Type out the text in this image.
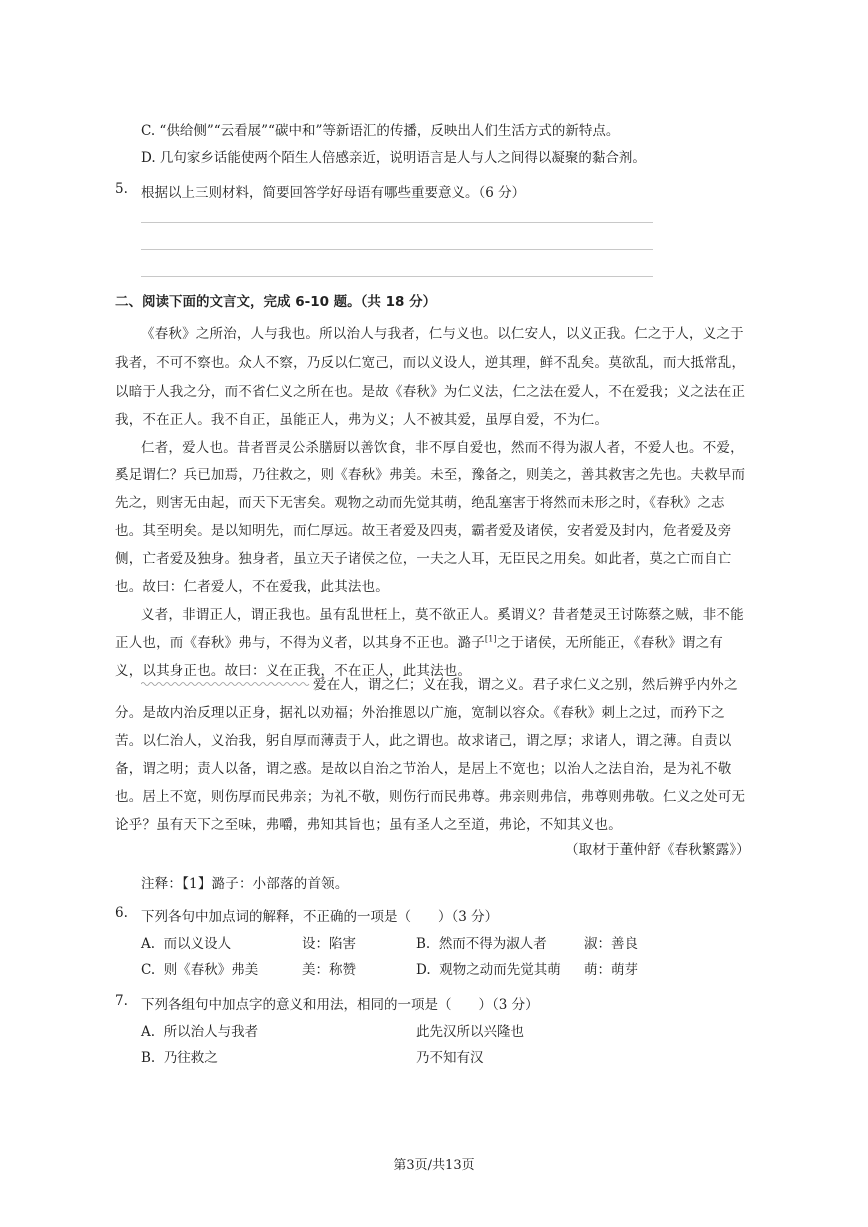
C. “供给侧”“云看展”“碳中和”等新语汇的传播，反映出人们生活方式的新特点。
D. 几句家乡话能使两个陌生人倍感亲近，说明语言是人与人之间得以凝聚的黏合剂。
5. 根据以上三则材料，简要回答学好母语有哪些重要意义。（6 分）
二、阅读下面的文言文，完成 6-10 题。（共 18 分）
《春秋》之所治，人与我也。所以治人与我者，仁与义也。以仁安人，以义正我。仁之于人，义之于
我者，不可不察也。众人不察，乃反以仁宽己，而以义设人，逆其理，鲜不乱矣。莫欲乱，而大抵常乱，
以暗于人我之分，而不省仁义之所在也。是故《春秋》为仁义法，仁之法在爱人，不在爱我；义之法在正
我，不在正人。我不自正，虽能正人，弗为义；人不被其爱，虽厚自爱，不为仁。
仁者，爱人也。昔者晋灵公杀膳厨以善饮食，非不厚自爱也，然而不得为淑人者，不爱人也。不爱，
奚足谓仁？兵已加焉，乃往救之，则《春秋》弗美。未至，豫备之，则美之，善其救害之先也。夫救早而
先之，则害无由起，而天下无害矣。观物之动而先觉其萌，绝乱塞害于将然而未形之时，《春秋》之志
也。其至明矣。是以知明先，而仁厚远。故王者爱及四夷，霸者爱及诸侯，安者爱及封内，危者爱及旁
侧，亡者爱及独身。独身者，虽立天子诸侯之位，一夫之人耳，无臣民之用矣。如此者，莫之亡而自亡
也。故曰：仁者爱人，不在爱我，此其法也。
义者，非谓正人，谓正我也。虽有乱世枉上，莫不欲正人。奚谓义？昔者楚灵王讨陈蔡之贼，非不能
正人也，而《春秋》弗与，不得为义者，以其身不正也。潞子[1]之于诸侯，无所能正，《春秋》谓之有
义，以其身正也。故曰：义在正我，不在正人，此其法也。
爱在人，谓之仁；义在我，谓之义。君子求仁义之别，然后辨乎内外之
分。是故内治反理以正身，据礼以劝福；外治推恩以广施，宽制以容众。《春秋》刺上之过，而矜下之
苦。以仁治人，义治我，躬自厚而薄责于人，此之谓也。故求诸己，谓之厚；求诸人，谓之薄。自责以
备，谓之明；责人以备，谓之惑。是故以自治之节治人，是居上不宽也；以治人之法自治，是为礼不敬
也。居上不宽，则伤厚而民弗亲；为礼不敬，则伤行而民弗尊。弗亲则弗信，弗尊则弗敬。仁义之处可无
论乎？虽有天下之至味，弗嚼，弗知其旨也；虽有圣人之至道，弗论，不知其义也。
（取材于董仲舒《春秋繁露》）
注释：【1】潞子：小部落的首领。
6. 下列各句中加点词的解释，不正确的一项是（　　）（3 分）
A. 而以义设人	设：陷害	B. 然而不得为淑人者	淑：善良
C. 则《春秋》弗美	美：称赞	D. 观物之动而先觉其萌 萌：萌芽
7. 下列各组句中加点字的意义和用法，相同的一项是（　　）（3 分）
A. 所以治人与我者	此先汉所以兴隆也
B. 乃往救之	乃不知有汉
第3页/共13页
